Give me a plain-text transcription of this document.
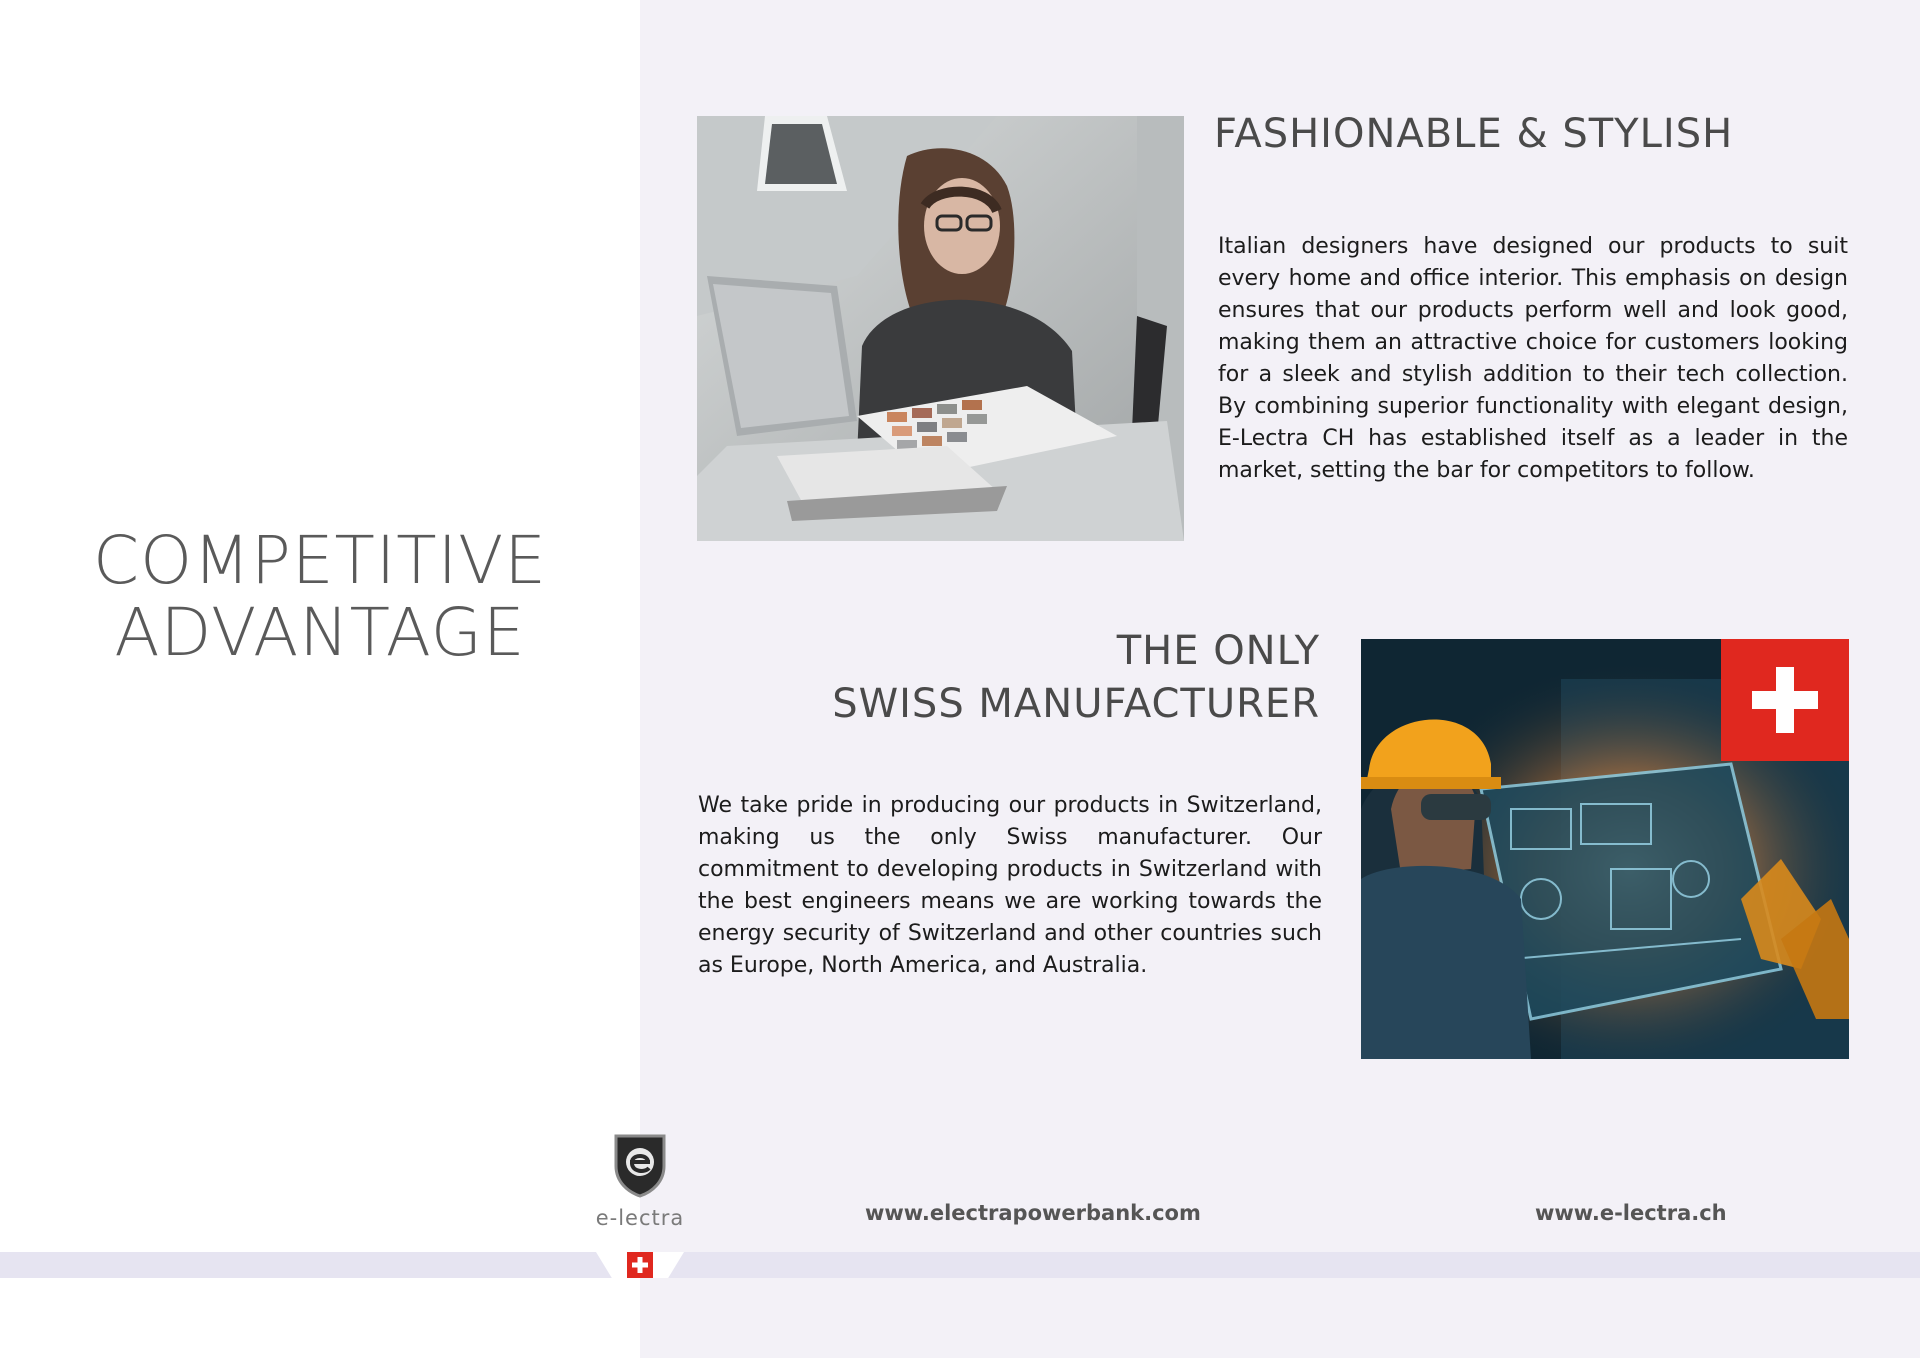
COMPETITIVE
ADVANTAGE
FASHIONABLE & STYLISH

Italian designers have designed our products to suit every home and office interior. This emphasis on design ensures that our products perform well and look good, making them an attractive choice for customers looking for a sleek and stylish addition to their tech collection. By combining superior functionality with elegant design, E-Lectra CH has established itself as a leader in the market, setting the bar for competitors to follow.

THE ONLY
SWISS MANUFACTURER

We take pride in producing our products in Switzerland, making us the only Swiss manufacturer. Our commitment to developing products in Switzerland with the best engineers means we are working towards the energy security of Switzerland and other countries such as Europe, North America, and Australia.

e-lectra	www.electrapowerbank.com	www.e-lectra.ch
